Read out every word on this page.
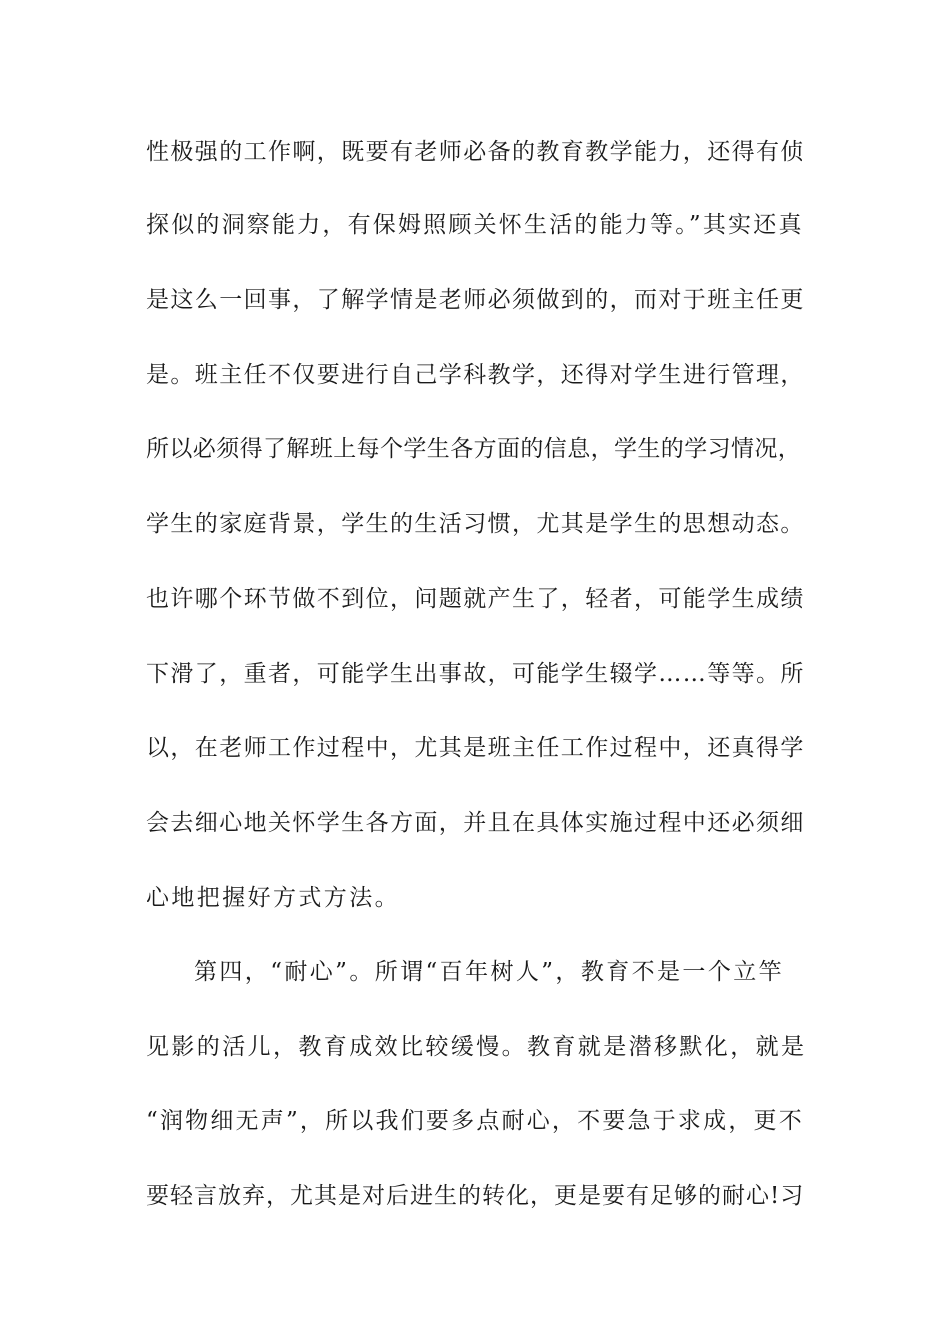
性极强的工作啊，既要有老师必备的教育教学能力，还得有侦
探似的洞察能力，有保姆照顾关怀生活的能力等。”其实还真
是这么一回事，了解学情是老师必须做到的，而对于班主任更
是。班主任不仅要进行自己学科教学，还得对学生进行管理，
所以必须得了解班上每个学生各方面的信息，学生的学习情况，
学生的家庭背景，学生的生活习惯，尤其是学生的思想动态。
也许哪个环节做不到位，问题就产生了，轻者，可能学生成绩
下滑了，重者，可能学生出事故，可能学生辍学……等等。所
以，在老师工作过程中，尤其是班主任工作过程中，还真得学
会去细心地关怀学生各方面，并且在具体实施过程中还必须细
心地把握好方式方法。
第四，“耐心”。所谓“百年树人”，教育不是一个立竿
见影的活儿，教育成效比较缓慢。教育就是潜移默化，就是
“润物细无声”，所以我们要多点耐心，不要急于求成，更不
要轻言放弃，尤其是对后进生的转化，更是要有足够的耐心!习
